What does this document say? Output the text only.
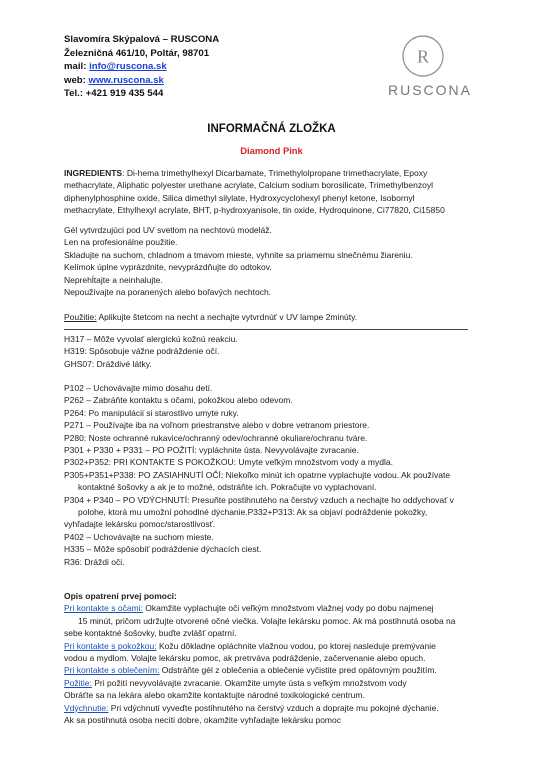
Slavomíra Skýpalová – RUSCONA
Železničná 461/10, Poltár, 98701
mail: info@ruscona.sk
web: www.ruscona.sk
Tel.: +421 919 435 544
R
RUSCONA
INFORMAČNÁ ZLOŽKA
Diamond Pink

INGREDIENTS: Di-hema trimethylhexyl Dicarbamate, Trimethylolpropane trimethacrylate, Epoxy

methacrylate, Aliphatic polyester urethane acrylate, Calcium sodium borosilicate, Trimethylbenzoyl

diphenylphosphine oxide, Silica dimethyl silylate, Hydroxycyclohexyl phenyl ketone, Isobornyl

methacrylate, Ethylhexyl acrylate, BHT, p-hydroxyanisole, tin oxide, Hydroquinone, Ci77820, Ci15850

Gél vytvrdzujúci pod UV svetlom na nechtovú modeláž.

Len na profesionálne použitie.

Skladujte na suchom, chladnom a tmavom mieste, vyhnite sa priamemu slnečnému žiareniu.

Kelímok úplne vyprázdnite, nevyprázdňujte do odtokov.

Neprehĺtajte a neinhalujte.

Nepoužívajte na poranených alebo boľavých nechtoch.

Použitie: Aplikujte štetcom na necht a nechajte vytvrdnúť v UV lampe 2minúty.

H317 – Môže vyvolať alergickú kožnú reakciu.

H319: Spôsobuje vážne podráždenie očí.

GHS07: Dráždivé látky.

P102 – Uchovávajte mimo dosahu detí.

P262 – Zabráňte kontaktu s očami, pokožkou alebo odevom.

P264: Po manipulácii si starostlivo umyte ruky.

P271 – Používajte iba na voľnom priestranstve alebo v dobre vetranom priestore.

P280: Noste ochranné rukavice/ochranný odev/ochranné okuliare/ochranu tváre.

P301 + P330 + P331 – PO POŽITÍ: vypláchnite ústa. Nevyvolávajte zvracanie.

P302+P352: PRI KONTAKTE S POKOŽKOU: Umyte veľkým množstvom vody a mydla.

P305+P351+P338: PO ZASIAHNUTÍ OČÍ: Niekoľko minút ich opatrne vyplachujte vodou. Ak používate

kontaktné šošovky a ak je to možné, odstráňte ich. Pokračujte vo vyplachovaní.

P304 + P340 – PO VDÝCHNUTÍ: Presuňte postihnutého na čerstvý vzduch a nechajte ho oddychovať v

polohe, ktorá mu umožní pohodlné dýchanie.P332+P313: Ak sa objaví podráždenie pokožky,

vyhľadajte lekársku pomoc/starostlivosť.

P402 – Uchovávajte na suchom mieste.

H335 – Môže spôsobiť podráždenie dýchacích ciest.

R36: Dráždi oči.

Opis opatrení prvej pomoci:

Pri kontakte s očami: Okamžite vyplachujte oči veľkým množstvom vlažnej vody po dobu najmenej

15 minút, pričom udržujte otvorené očné viečka. Volajte lekársku pomoc. Ak má postihnutá osoba na

sebe kontaktné šošovky, buďte zvlášť opatrní.

Pri kontakte s pokožkou: Kožu dôkladne opláchnite vlažnou vodou, po ktorej nasleduje premývanie

vodou a mydlom. Volajte lekársku pomoc, ak pretrváva podráždenie, začervenanie alebo opuch.

Pri kontakte s oblečením: Odstráňte gél z oblečenia a oblečenie vyčistite pred opätovným použitím.

Požitie: Pri požití nevyvolávajte zvracanie. Okamžite umyte ústa s veľkým množstvom vody

Obráťte sa na lekára alebo okamžite kontaktujte národné toxikologické centrum.

Vdýchnutie: Pri vdýchnutí vyveďte postihnutého na čerstvý vzduch a doprajte mu pokojné dýchanie.

Ak sa postihnutá osoba necíti dobre, okamžite vyhľadajte lekársku pomoc
